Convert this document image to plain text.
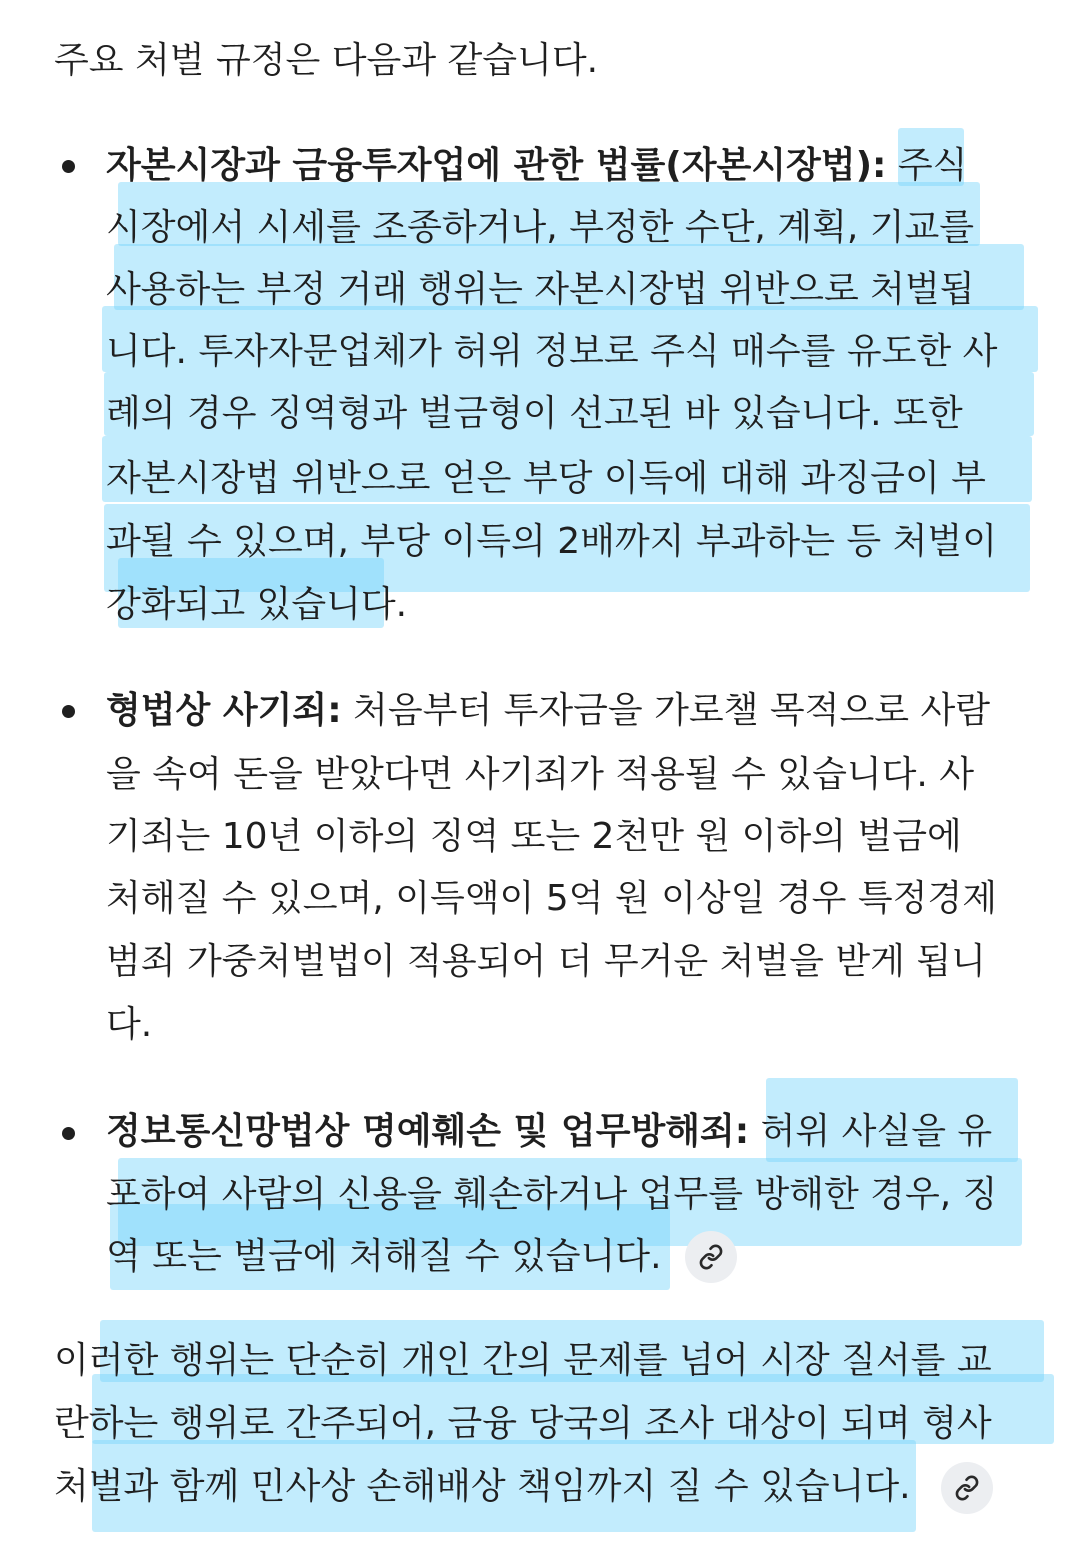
주요 처벌 규정은 다음과 같습니다.
자본시장과 금융투자업에 관한 법률(자본시장법): 주식
시장에서 시세를 조종하거나, 부정한 수단, 계획, 기교를
사용하는 부정 거래 행위는 자본시장법 위반으로 처벌됩
니다. 투자자문업체가 허위 정보로 주식 매수를 유도한 사
례의 경우 징역형과 벌금형이 선고된 바 있습니다. 또한
자본시장법 위반으로 얻은 부당 이득에 대해 과징금이 부
과될 수 있으며, 부당 이득의 2배까지 부과하는 등 처벌이
강화되고 있습니다.
형법상 사기죄: 처음부터 투자금을 가로챌 목적으로 사람
을 속여 돈을 받았다면 사기죄가 적용될 수 있습니다. 사
기죄는 10년 이하의 징역 또는 2천만 원 이하의 벌금에
처해질 수 있으며, 이득액이 5억 원 이상일 경우 특정경제
범죄 가중처벌법이 적용되어 더 무거운 처벌을 받게 됩니
다.
정보통신망법상 명예훼손 및 업무방해죄: 허위 사실을 유
포하여 사람의 신용을 훼손하거나 업무를 방해한 경우, 징
역 또는 벌금에 처해질 수 있습니다.
이러한 행위는 단순히 개인 간의 문제를 넘어 시장 질서를 교
란하는 행위로 간주되어, 금융 당국의 조사 대상이 되며 형사
처벌과 함께 민사상 손해배상 책임까지 질 수 있습니다.
